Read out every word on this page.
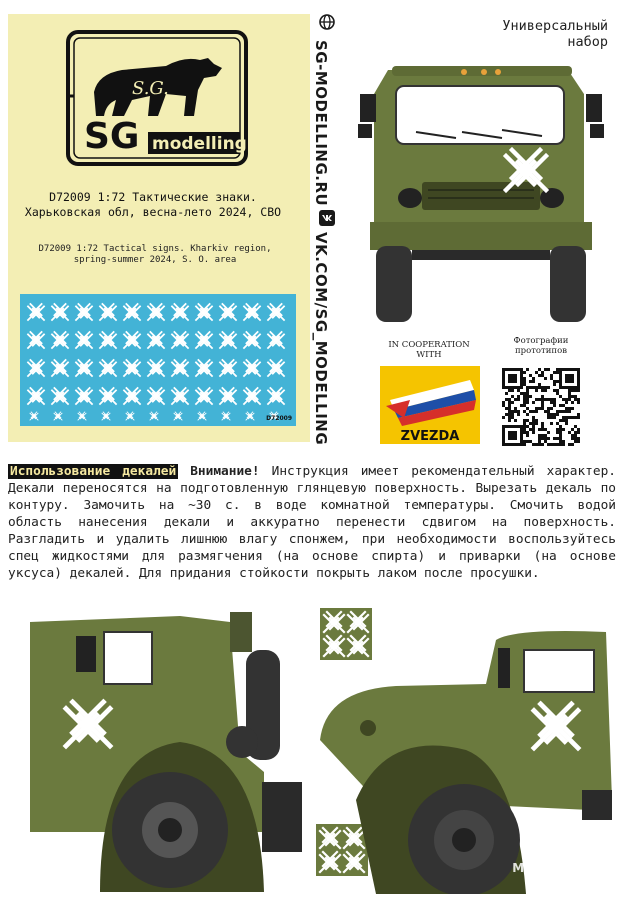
S.G.
SG modelling
D72009 1:72 Тактические знаки.
Харьковская обл, весна-лето 2024, СВО
D72009 1:72 Tactical signs. Kharkiv region,
spring-summer 2024, S. O. area
D72009
SG-MODELLING.RU
VK.COM/SG_MODELLING
Универсальный
набор
IN COOPERATION
WITH
Фотографии
прототипов
ZVEZDA
Использование декалей Внимание! Инструкция имеет рекомендательный характер. Декали переносятся на подготовленную глянцевую поверхность. Вырезать декаль по контуру. Замочить на ~30 с. в воде комнатной температуры. Смочить водой область нанесения декали и аккуратно перенести сдвигом на поверхность. Разгладить и удалить лишнюю влагу спонжем, при необходимости воспользуйтесь спец жидкостями для размягчения (на основе спирта) и приварки (на основе уксуса) декалей. Для придания стойкости покрыть лаком после просушки.
МОДЕЛЬНАЯ
ЛАВКА
